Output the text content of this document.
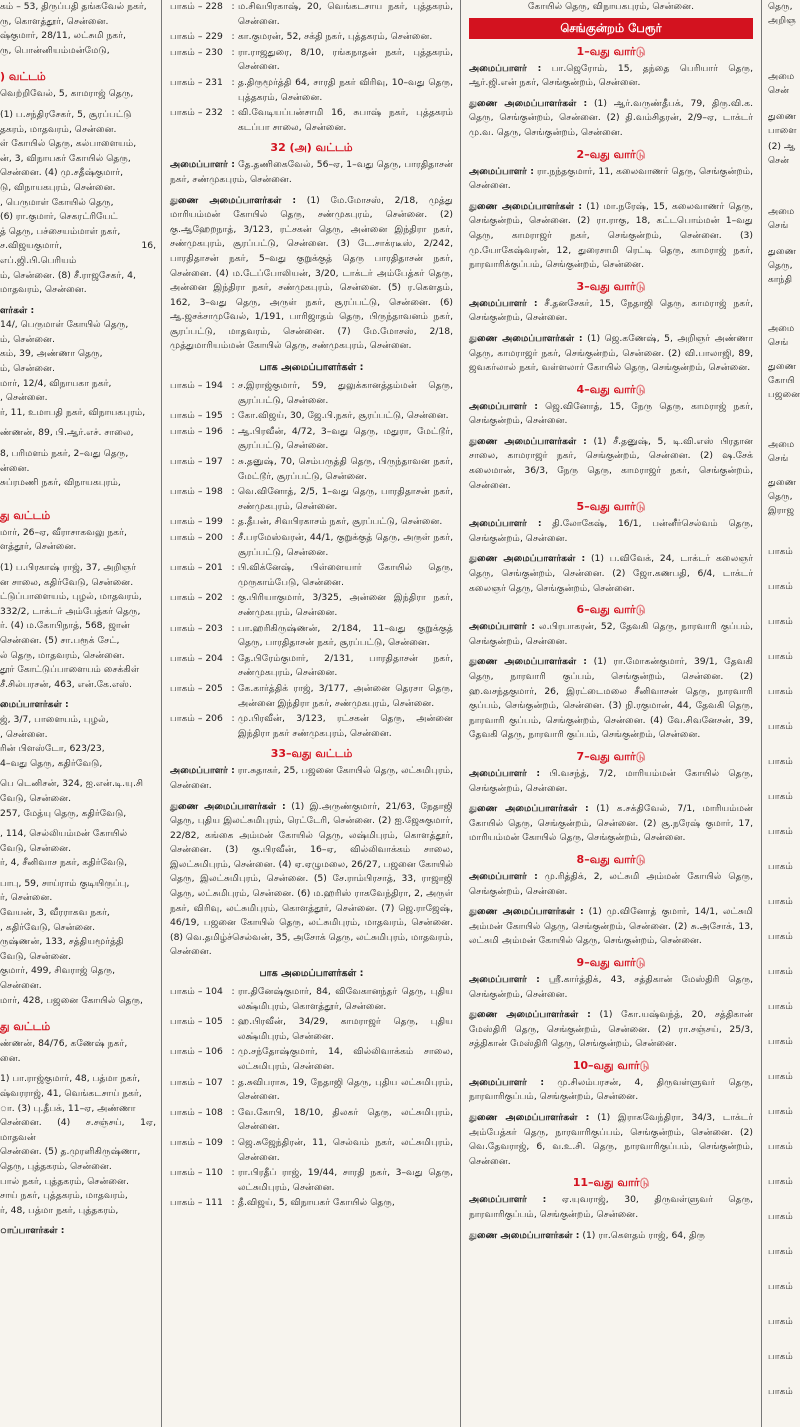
கம் – 53, திருப்பதி தங்கவேல் நகர்,

ரு, கொளத்தூர், சென்னை.

ஷ்குமார், 28/11, லட்சுமி நகர்,

ரு, பொன்னியம்மன்மேடு,

) வட்டம்

வெற்றிவேல், 5, காமராஜ் தெரு,

(1) ப.சந்திரசேகர், 5, சூரப்பட்டு

தகரம், மாதவரம், சென்னை.

ள் கோயில் தெரு, கல்பாளையம்,

ன், 3, விநாயகர் கோயில் தெரு,

சென்னை. (4) மு.சதீஷ்குமார்,

டு, விநாயகபுரம், சென்னை.

, பெருமாள் கோயில் தெரு,

(6) ரா.குமார், செகரட்ரியேட்

த் தெரு, பச்சையம்மாள் நகர்,

ச.விஜயகுமார், 16, எப்.ஜி.பி.பெரியம்

ம், சென்னை. (8) சீ.ராஜசேகர், 4,

மாதவரம், சென்னை.

ளர்கள் :

14/, பெருமாள் கோயில் தெரு,

ம், சென்னை.

கம், 39, அண்ணா தெரு,

ம், சென்னை.

மார், 12/4, விநாயகா நகர்,

, சென்னை.

ர், 11, உமாபதி நகர், விநாயகபுரம்,

ண்ணன், 89, பி.ஆர்.எச். சாலை,

8, பரிமளம் நகர், 2–வது தெரு,

ன்னை.

சுப்ரமணி நகர், விநாயகபுரம்,

து வட்டம்

மார், 26–ஏ, வீராசாகவலு நகர்,

ளத்தூர், சென்னை.

(1) ப.பிரகாஷ் ராஜ், 37, அறிஞர்

ன சாலை, கதிர்வேடு, சென்னை.

ட்டுப்பாளையம், புழல், மாதவரம்,

332/2, டாக்டர் அம்பேத்கர் தெரு,

ர். (4) ம.கோபிநாத், 568, ஜான்

சென்னை. (5) சா.பரூக் சேட்,

ல் தெரு, மாதவரம், சென்னை.

தூர் கோட்டுப்பாளையம் சைக்கிள்

சீ.சில்பரசன், 463, என்.கே.எஸ்.

மைப்பாளர்கள் :

ஜ், 3/7, பாளையம், புழல்,

, சென்னை.

ரின் பிளஸ்டோ, 623/23,

4–வது தெரு, கதிர்வேடு,

பெ டெனிசன், 324, ஐ.என்.டி.யு.சி

வேடு, சென்னை.

257, மேத்யு தெரு, கதிர்வேடு,

, 114, செல்லியம்மன் கோயில்

வேடு, சென்னை.

ர், 4, சீனிவாச நகர், கதிர்வேடு,

பாபு, 59, சாய்ராம் குடியிருப்பு,

ர், சென்னை.

வேயன், 3, வீரராகவ நகர்,

, கதிர்வேடு, சென்னை.

ருஷ்ணன், 133, சத்தியமூர்த்தி

வேடு, சென்னை.

குமார், 499, சிவராஜ் தெரு,

சென்னை.

மார், 428, பஜனை கோயில் தெரு,

து வட்டம்

ண்ணன், 84/76, கணேஷ் நகர்,

னை.

1) பா.ராஜ்குமார், 48, பத்மா நகர்,

ஷ்வரராஜ், 41, வெங்கடசாய் நகர்,

ா. (3) பு.தீபக், 11–ஏ, அண்ணா

சென்னை. (4) ச.சஞ்சய், 1ஏ, மாதவன்

சென்னை. (5) த.முரளிகிருஷ்ணா,

தெரு, புத்தகரம், சென்னை.

பால் நகர், புத்தகரம், சென்னை.

சாய் நகர், புத்தகரம், மாதவரம்,

ர், 48, பத்மா நகர், புத்தகரம்,

ாப்பாளர்கள் :

பாகம் – 228 : ம.சிவபிரகாஷ், 20, வெங்கடசாய நகர், புத்தகரம், சென்னை.
பாகம் – 229 : கா.குமரன், 52, சக்தி நகர், புத்தகரம், சென்னை.
பாகம் – 230 : ரா.ராஜதுரை, 8/10, ரங்கநாதன் நகர், புத்தகரம், சென்னை.
பாகம் – 231 : த.திருமூர்த்தி 64, சாரதி நகர் விரிவு, 10–வது தெரு, புத்தகரம், சென்னை.
பாகம் – 232 : வி.வேடியப்பன்சாமி 16, சுபாஷ் நகர், புத்தகரம் கடப்பா சாலை, சென்னை.
32 (அ) வட்டம்

அமைப்பாளர் : தே.தணிகைவேல், 56–ஏ, 1–வது தெரு, பாரதிதாசன் நகர், சண்முகபுரம், சென்னை.

துணை அமைப்பாளர்கள் : (1) மே.மோசஸ், 2/18, முத்து மாரியம்மன் கோயில் தெரு, சண்முகபுரம், சென்னை. (2) கு.ஆஹேறநாத், 3/123, ரட்சகன் தெரு, அன்னை இந்திரா நகர், சண்முகபுரம், சூரப்பட்டு, சென்னை. (3) டே.சாக்ரடீஸ், 2/242, பாரதிதாசன் நகர், 5–வது குறுக்குத் தெரு பாரதிதாசன் நகர், சென்னை. (4) ம.டேப்போலியன், 3/20, டாக்டர் அம்பேத்கர் தெரு, அன்னை இந்திரா நகர், சண்முகபுரம், சென்னை. (5) ர.கௌதம், 162, 3–வது தெரு, அருள் நகர், சூரப்பட்டு, சென்னை. (6) ஆ.ஜசக்சாமுவேல், 1/191, பாரிஜாதம் தெரு, பிருந்தாவனம் நகர், சூரப்பட்டு, மாதவரம், சென்னை. (7) மே.மோசஸ், 2/18, முத்துமாரியம்மன் கோயில் தெரு, சண்முகபுரம், சென்னை.

பாக அமைப்பாளர்கள் :
பாகம் – 194 : ச.இராஜ்குமார், 59, துலுக்கானத்தம்மன் தெரு, சூரப்பட்டு, சென்னை.
பாகம் – 195 : கோ.விஜய், 30, ஜே.பி.நகர், சூரப்பட்டு, சென்னை.
பாகம் – 196 : ஆ.பிரவீன், 4/72, 3–வது தெரு, மதுரா, மேட்டூர், சூரப்பட்டு, சென்னை.
பாகம் – 197 : சு.தனுஷ், 70, செம்பருத்தி தெரு, பிருந்தாவன நகர், மேட்டூர், சூரப்பட்டு, சென்னை.
பாகம் – 198 : வெ.வினோத், 2/5, 1–வது தெரு, பாரதிதாசன் நகர், சண்முகபுரம், சென்னை.
பாகம் – 199 : த.தீபன், சிவபிரகாசம் நகர், சூரப்பட்டு, சென்னை.
பாகம் – 200 : சீ.பரமேஸ்வரன், 44/1, குறுக்குத் தெரு, அருள் நகர், சூரப்பட்டு, சென்னை.
பாகம் – 201 : பி.விக்னேஷ், பிள்ளையார் கோயில் தெரு, முருகாம்பேடு, சென்னை.
பாகம் – 202 : கு.பிரியாகுமார், 3/325, அன்னை இந்திரா நகர், சண்முகபுரம், சென்னை.
பாகம் – 203 : பா.ஹரிகிருஷ்ணன், 2/184, 11–வது குறுக்குத் தெரு, பாரதிதாசன் நகர், சூரப்பட்டு, சென்னை.
பாகம் – 204 : தே.பிரேம்குமார், 2/131, பாரதிதாசன் நகர், சண்முகபுரம், சென்னை.
பாகம் – 205 : கே.கார்த்திக் ராஜ், 3/177, அன்னை தெரசா தெரு, அன்னை இந்திரா நகர், சண்முகபுரம், சென்னை.
பாகம் – 206 : மு.பிரவீன், 3/123, ரட்சகன் தெரு, அன்னை இந்திரா நகர் சண்முகபுரம், சென்னை.
33–வது வட்டம்

அமைப்பாளர் : ரா.சுதாகர், 25, பஜனை கோயில் தெரு, லட்சுமிபுரம், சென்னை.

துணை அமைப்பாளர்கள் : (1) இ.அருண்குமார், 21/63, நேதாஜி தெரு, புதிய இலட்சுமிபுரம், ரெட்டேரி, சென்னை. (2) ஐ.ஜேசுகுமார், 22/82, கங்கை அம்மன் கோயில் தெரு, லஷ்மிபுரம், கொளத்தூர், சென்னை. (3) கு.பிரவீன், 16–ஏ, வில்லிவாக்கம் சாலை, இலட்சுமிபுரம், சென்னை. (4) ஏ.ஏழுமலை, 26/27, பஜனை கோயில் தெரு, இலட்சுமிபுரம், சென்னை. (5) சே.ராம்பிரசாத், 33, ராஜாஜி தெரு, லட்சுமிபுரம், சென்னை. (6) ம.ஹரிஸ் ராகவேந்திரா, 2, அருள் நகர், விரிவு, லட்சுமிபுரம், கொளத்தூர், சென்னை. (7) ஜெ.ராஜேஷ், 46/19, பஜனை கோயில் தெரு, லட்சுமிபுரம், மாதவரம், சென்னை. (8) வெ.தமிழ்ச்செல்வன், 35, அசோக் தெரு, லட்சுமிபுரம், மாதவரம், சென்னை.

பாக அமைப்பாளர்கள் :
பாகம் – 104 : ரா.தினேஷ்குமார், 84, விவேகானந்தர் தெரு, புதிய லக்ஷ்மிபுரம், கொளத்தூர், சென்னை.
பாகம் – 105 : ஹ.பிரவீன், 34/29, காமராஜர் தெரு, புதிய லக்ஷ்மிபுரம், சென்னை.
பாகம் – 106 : மு.சந்தோஷ்குமார், 14, வில்லிவாக்கம் சாலை, லட்சுமிபுரம், சென்னை.
பாகம் – 107 : த.சுவிபராசு, 19, நேதாஜி தெரு, புதிய லட்சுமிபுரம், சென்னை.
பாகம் – 108 : வே.கோபி, 18/10, திலகர் தெரு, லட்சுமிபுரம், சென்னை.
பாகம் – 109 : ஜெ.சுஜேந்திரன், 11, செல்வம் நகர், லட்சுமிபுரம், சென்னை.
பாகம் – 110 : ரா.பிரதீப் ராஜ், 19/44, சாரதி நகர், 3–வது தெரு, லட்சுமிபுரம், சென்னை.
பாகம் – 111 : தீ.விஜய், 5, விநாயகர் கோயில் தெரு,

கோயில் தெரு, விநாயகபுரம், சென்னை.

செங்குன்றம் பேரூர்
1–வது வார்டு

அமைப்பாளர் : பா.ஜெரோம், 15, தந்தை பெரியார் தெரு, ஆர்.ஜி.என் நகர், செங்குன்றம், சென்னை.

துணை அமைப்பாளர்கள் : (1) ஆர்.வருண்தீபக், 79, திரு.வி.க. தெரு, செங்குன்றம், சென்னை. (2) தி.வம்சிதரன், 2/9–ஏ, டாக்டர் மு.வ. தெரு, செங்குன்றம், சென்னை.

2–வது வார்டு

அமைப்பாளர் : ரா.நந்தகுமார், 11, கலைவாணர் தெரு, செங்குன்றம், சென்னை.

துணை அமைப்பாளர்கள் : (1) மா.நரேஷ், 15, கலைவாணர் தெரு, செங்குன்றம், சென்னை. (2) ரா.ராகு, 18, கட்டபொம்மன் 1–வது தெரு, காமராஜர் நகர், செங்குன்றம், சென்னை. (3) மு.யோகேஷ்வரன், 12, துரைசாமி ரெட்டி தெரு, காமராஜ் நகர், நாரவாரிக்குப்பம், செங்குன்றம், சென்னை.

3–வது வார்டு

அமைப்பாளர் : சீ.தனசேகர், 15, நேதாஜி தெரு, காமராஜ் நகர், செங்குன்றம், சென்னை.

துணை அமைப்பாளர்கள் : (1) ஜெ.கணேஷ், 5, அறிஞர் அண்ணா தெரு, காமராஜர் நகர், செங்குன்றம், சென்னை. (2) வி.பாலாஜி, 89, ஜவகர்லால் நகர், வள்ளலார் கோயில் தெரு, செங்குன்றம், சென்னை.

4–வது வார்டு

அமைப்பாளர் : ஜெ.வினோத், 15, நேரு தெரு, காமராஜ் நகர், செங்குன்றம், சென்னை.

துணை அமைப்பாளர்கள் : (1) சீ.தனுஷ், 5, டி.வி.எஸ் பிரதான சாலை, காமராஜர் நகர், செங்குன்றம், சென்னை. (2) ஷ.சேக் கலைமான், 36/3, நேரு தெரு, காமராஜர் நகர், செங்குன்றம், சென்னை.

5–வது வார்டு

அமைப்பாளர் : தி.லோகேஷ், 16/1, பன்னீர்செல்வம் தெரு, செங்குன்றம், சென்னை.

துணை அமைப்பாளர்கள் : (1) ப.விவேக், 24, டாக்டர் கலைஞர் தெரு, செங்குன்றம், சென்னை. (2) ஜோ.கணபதி, 6/4, டாக்டர் கலைஞர் தெரு, செங்குன்றம், சென்னை.

6–வது வார்டு

அமைப்பாளர் : ல.பிரபாகரன், 52, தேவகி தெரு, நாரவாரி குப்பம், செங்குன்றம், சென்னை.

துணை அமைப்பாளர்கள் : (1) ரா.மோகன்குமார், 39/1, தேவகி தெரு, நாரவாரி குப்பம், செங்குன்றம், சென்னை. (2) ஹ.வசந்தகுமார், 26, இரட்டைமலை சீனிவாசன் தெரு, நாரவாரி குப்பம், செங்குன்றம், சென்னை. (3) நி.ரகுமான், 44, தேவகி தெரு, நாரவாரி குப்பம், செங்குன்றம், சென்னை. (4) வே.சிவனேசன், 39, தேவகி தெரு, நாரவாரி குப்பம், செங்குன்றம், சென்னை.

7–வது வார்டு

அமைப்பாளர் : பி.வசந்த், 7/2, மாரியம்மன் கோயில் தெரு, செங்குன்றம், சென்னை.

துணை அமைப்பாளர்கள் : (1) க.சக்திவேல், 7/1, மாரியம்மன் கோயில் தெரு, செங்குன்றம், சென்னை. (2) சூ.நரேஷ் குமார், 17, மாரியம்மன் கோயில் தெரு, செங்குன்றம், சென்னை.

8–வது வார்டு

அமைப்பாளர் : மு.ரித்திக், 2, லட்சுமி அம்மன் கோயில் தெரு, செங்குன்றம், சென்னை.

துணை அமைப்பாளர்கள் : (1) மு.வினோத் குமார், 14/1, லட்சுமி அம்மன் கோயில் தெரு, செங்குன்றம், சென்னை. (2) சு.அசோக், 13, லட்சுமி அம்மன் கோயில் தெரு, செங்குன்றம், சென்னை.

9–வது வார்டு

அமைப்பாளர் : ஸ்ரீ.கார்த்திக், 43, சத்திகான் மேஸ்திரி தெரு, செங்குன்றம், சென்னை.

துணை அமைப்பாளர்கள் : (1) கோ.யஷ்வந்த், 20, சத்திகான் மேஸ்திரி தெரு, செங்குன்றம், சென்னை. (2) ரா.சஞ்சய், 25/3, சத்திகான் மேஸ்திரி தெரு, செங்குன்றம், சென்னை.

10–வது வார்டு

அமைப்பாளர் : மு.சிலம்பரசன், 4, திருவள்ளுவர் தெரு, நாரவாரிகுப்பம், செங்குன்றம், சென்னை.

துணை அமைப்பாளர்கள் : (1) இராகவேந்திரா, 34/3, டாக்டர் அம்பேத்கர் தெரு, நாரவாரிகுப்பம், செங்குன்றம், சென்னை. (2) வெ.தேவராஜ், 6, வ.உ.சி. தெரு, நாரவாரிகுப்பம், செங்குன்றம், சென்னை.

11–வது வார்டு

அமைப்பாளர் : ஏ.யுவராஜ், 30, திருவள்ளுவர் தெரு, நாரவாரிகுப்பம், செங்குன்றம், சென்னை.

துணை அமைப்பாளர்கள் : (1) ரா.கௌதம் ராஜ், 64, திரு

தெரு,

அறிஞ

அமை

சென்

துணை

பாளை

(2) ஆ

சென்

அமை

செங்

துணை

தெரு,

காந்தி

அமை

செங்

துணை

கோயி

பஜனை

அமை

செங்

துணை

தெரு,

இராஜ

பாகம்

பாகம்

பாகம்

பாகம்

பாகம்

பாகம்

பாகம்

பாகம்

பாகம்

பாகம்

பாகம்

பாகம்

பாகம்

பாகம்

பாகம்

பாகம்

பாகம்

பாகம்

பாகம்

பாகம்

பாகம்

பாகம்

பாகம்

பாகம்

பாகம்
